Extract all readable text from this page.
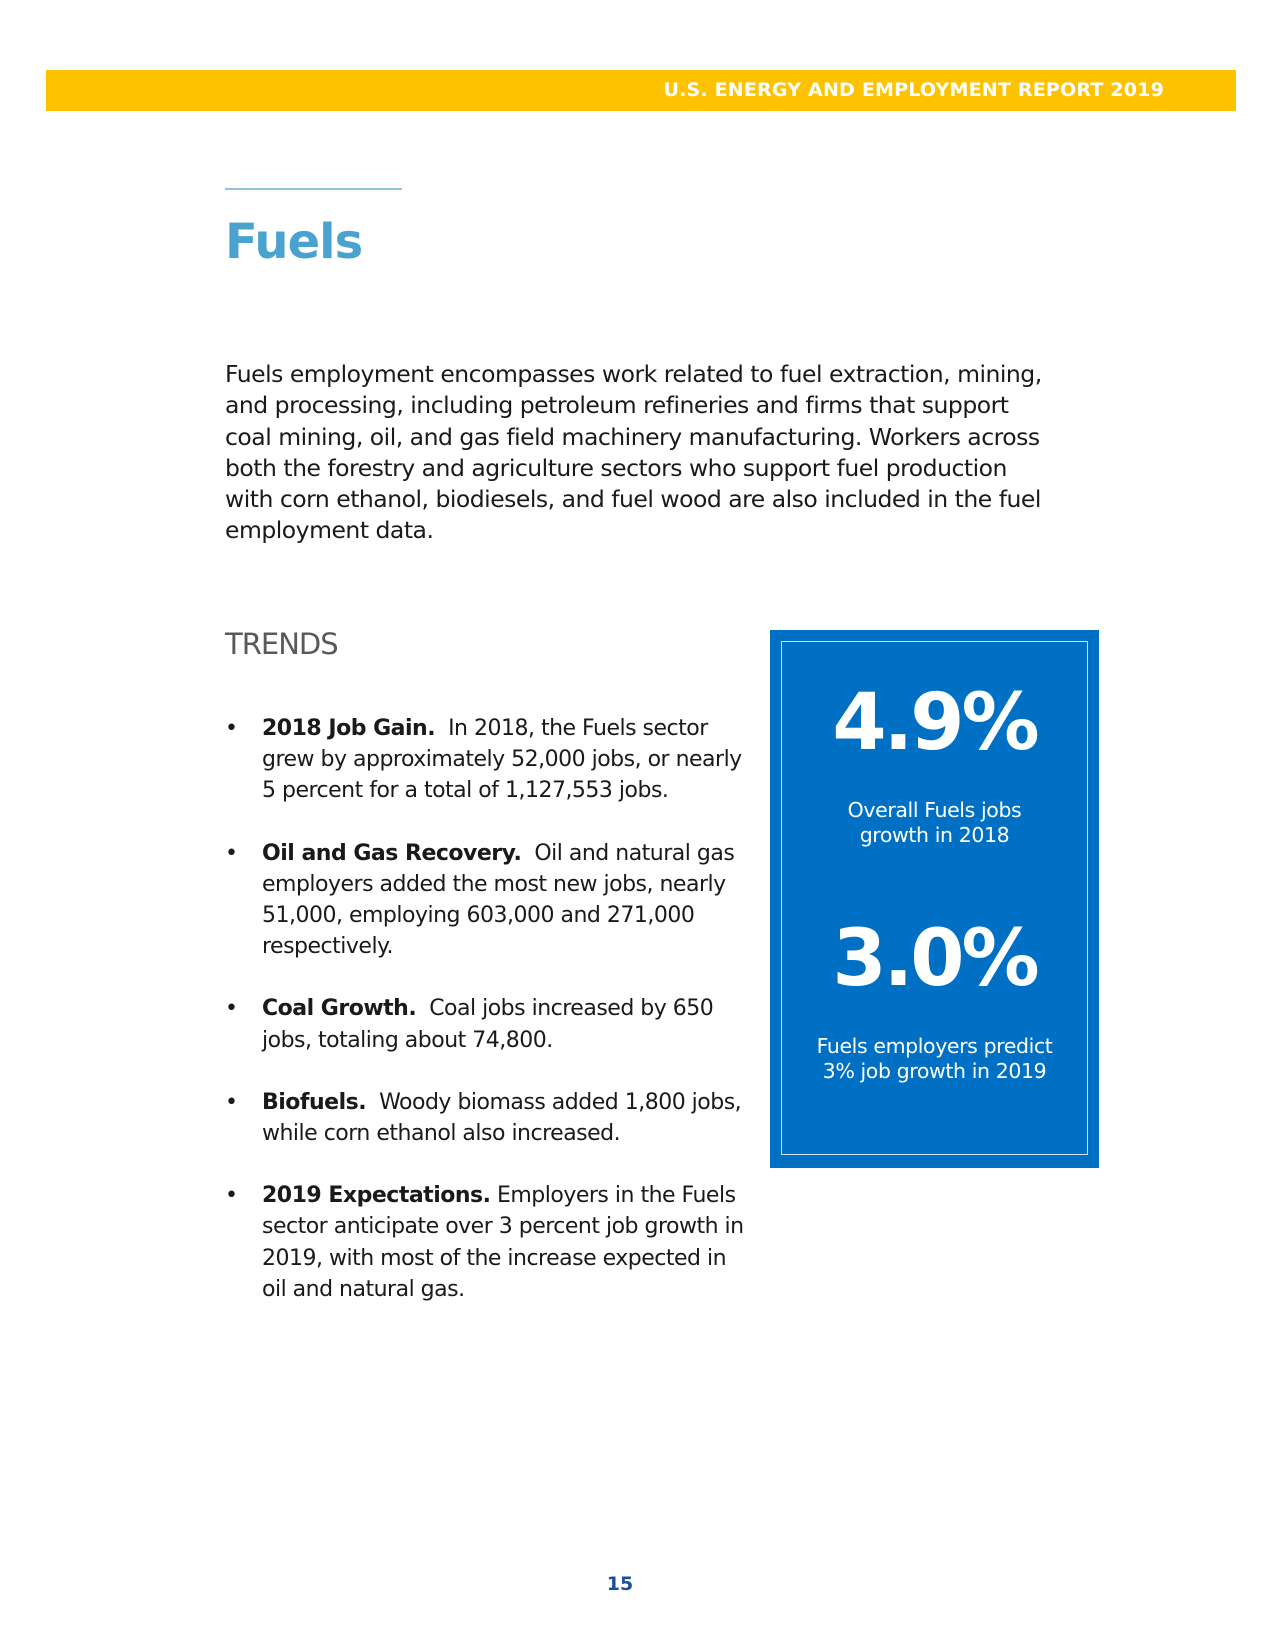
U.S. ENERGY AND EMPLOYMENT REPORT 2019
Fuels

Fuels employment encompasses work related to fuel extraction, mining, and processing, including petroleum refineries and firms that support coal mining, oil, and gas field machinery manufacturing. Workers across both the forestry and agriculture sectors who support fuel production with corn ethanol, biodiesels, and fuel wood are also included in the fuel employment data.

TRENDS
• 2018 Job Gain. In 2018, the Fuels sector grew by approximately 52,000 jobs, or nearly 5 percent for a total of 1,127,553 jobs.
• Oil and Gas Recovery. Oil and natural gas employers added the most new jobs, nearly 51,000, employing 603,000 and 271,000 respectively.
• Coal Growth. Coal jobs increased by 650 jobs, totaling about 74,800.
• Biofuels. Woody biomass added 1,800 jobs, while corn ethanol also increased.
• 2019 Expectations. Employers in the Fuels sector anticipate over 3 percent job growth in 2019, with most of the increase expected in oil and natural gas.
4.9%
Overall Fuels jobs
growth in 2018
3.0%
Fuels employers predict
3% job growth in 2019
15
